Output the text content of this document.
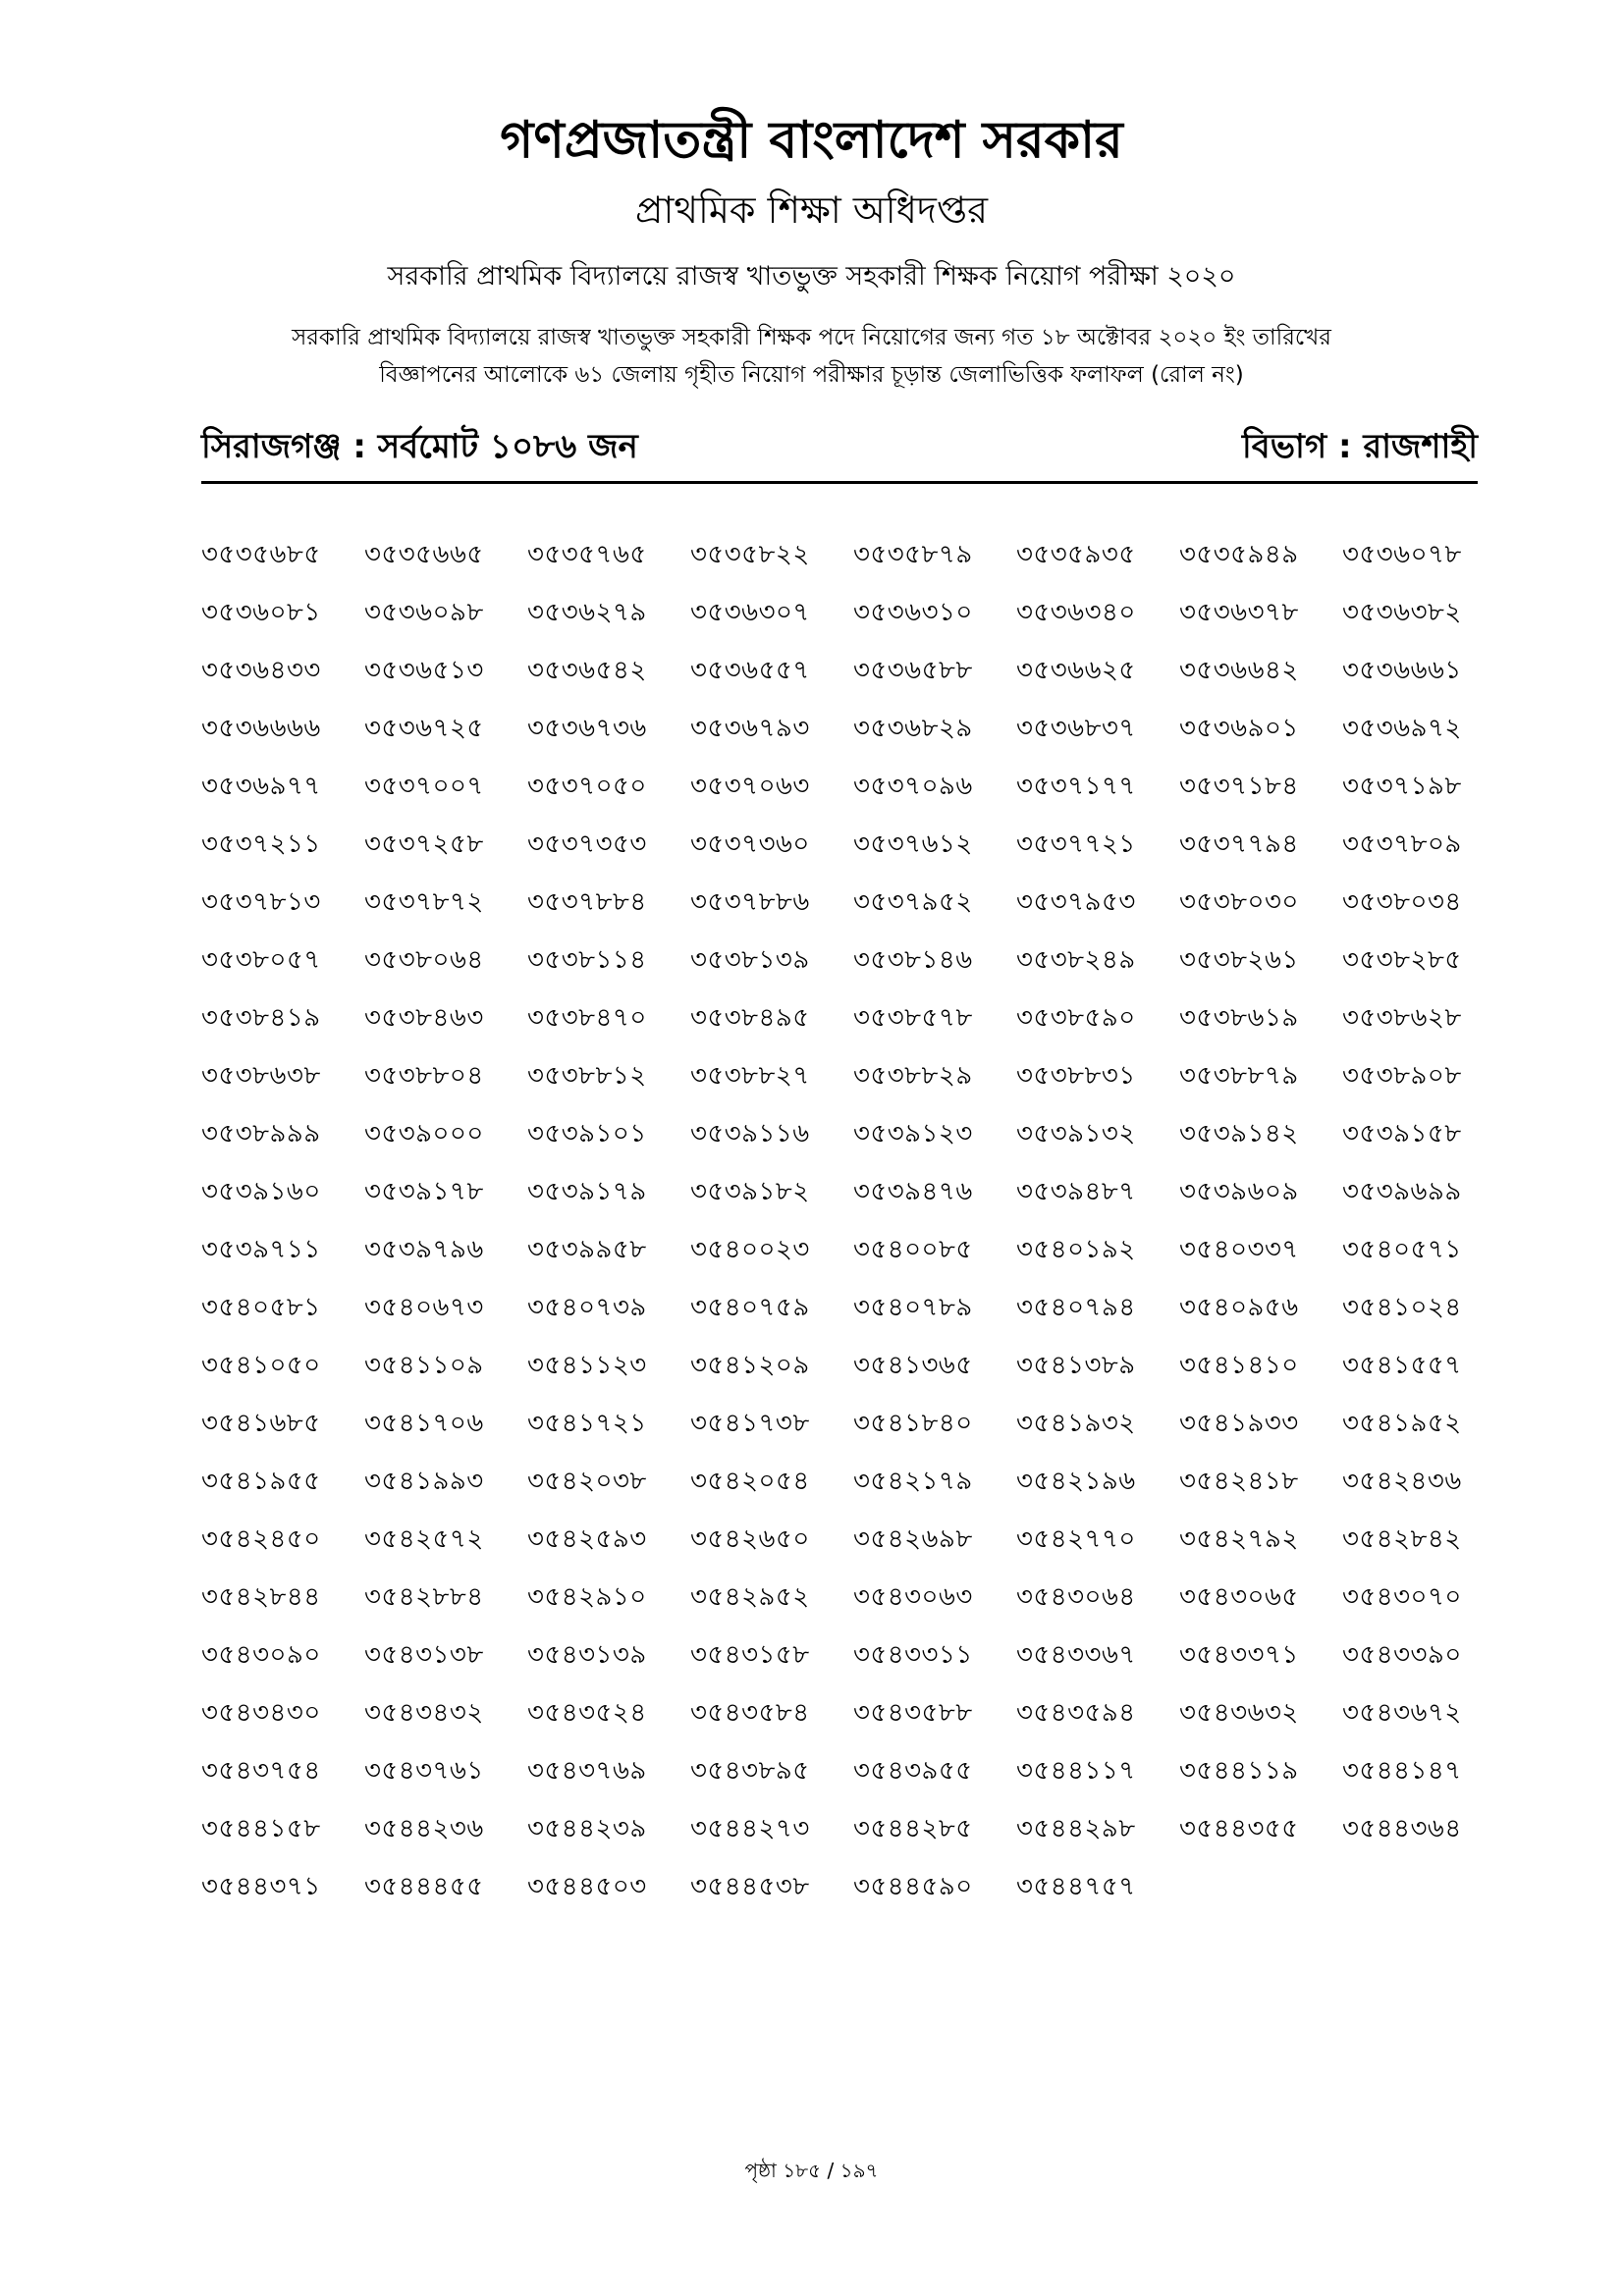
গণপ্রজাতন্ত্রী বাংলাদেশ সরকার
প্রাথমিক শিক্ষা অধিদপ্তর
সরকারি প্রাথমিক বিদ্যালয়ে রাজস্ব খাতভুক্ত সহকারী শিক্ষক নিয়োগ পরীক্ষা ২০২০
সরকারি প্রাথমিক বিদ্যালয়ে রাজস্ব খাতভুক্ত সহকারী শিক্ষক পদে নিয়োগের জন্য গত ১৮ অক্টোবর ২০২০ ইং তারিখের
বিজ্ঞাপনের আলোকে ৬১ জেলায় গৃহীত নিয়োগ পরীক্ষার চূড়ান্ত জেলাভিত্তিক ফলাফল (রোল নং)
সিরাজগঞ্জ : সর্বমোট ১০৮৬ জন	বিভাগ : রাজশাহী
৩৫৩৫৬৮৫	৩৫৩৫৬৬৫	৩৫৩৫৭৬৫	৩৫৩৫৮২২	৩৫৩৫৮৭৯	৩৫৩৫৯৩৫	৩৫৩৫৯৪৯	৩৫৩৬০৭৮
৩৫৩৬০৮১	৩৫৩৬০৯৮	৩৫৩৬২৭৯	৩৫৩৬৩০৭	৩৫৩৬৩১০	৩৫৩৬৩৪০	৩৫৩৬৩৭৮	৩৫৩৬৩৮২
৩৫৩৬৪৩৩	৩৫৩৬৫১৩	৩৫৩৬৫৪২	৩৫৩৬৫৫৭	৩৫৩৬৫৮৮	৩৫৩৬৬২৫	৩৫৩৬৬৪২	৩৫৩৬৬৬১
৩৫৩৬৬৬৬	৩৫৩৬৭২৫	৩৫৩৬৭৩৬	৩৫৩৬৭৯৩	৩৫৩৬৮২৯	৩৫৩৬৮৩৭	৩৫৩৬৯০১	৩৫৩৬৯৭২
৩৫৩৬৯৭৭	৩৫৩৭০০৭	৩৫৩৭০৫০	৩৫৩৭০৬৩	৩৫৩৭০৯৬	৩৫৩৭১৭৭	৩৫৩৭১৮৪	৩৫৩৭১৯৮
৩৫৩৭২১১	৩৫৩৭২৫৮	৩৫৩৭৩৫৩	৩৫৩৭৩৬০	৩৫৩৭৬১২	৩৫৩৭৭২১	৩৫৩৭৭৯৪	৩৫৩৭৮০৯
৩৫৩৭৮১৩	৩৫৩৭৮৭২	৩৫৩৭৮৮৪	৩৫৩৭৮৮৬	৩৫৩৭৯৫২	৩৫৩৭৯৫৩	৩৫৩৮০৩০	৩৫৩৮০৩৪
৩৫৩৮০৫৭	৩৫৩৮০৬৪	৩৫৩৮১১৪	৩৫৩৮১৩৯	৩৫৩৮১৪৬	৩৫৩৮২৪৯	৩৫৩৮২৬১	৩৫৩৮২৮৫
৩৫৩৮৪১৯	৩৫৩৮৪৬৩	৩৫৩৮৪৭০	৩৫৩৮৪৯৫	৩৫৩৮৫৭৮	৩৫৩৮৫৯০	৩৫৩৮৬১৯	৩৫৩৮৬২৮
৩৫৩৮৬৩৮	৩৫৩৮৮০৪	৩৫৩৮৮১২	৩৫৩৮৮২৭	৩৫৩৮৮২৯	৩৫৩৮৮৩১	৩৫৩৮৮৭৯	৩৫৩৮৯০৮
৩৫৩৮৯৯৯	৩৫৩৯০০০	৩৫৩৯১০১	৩৫৩৯১১৬	৩৫৩৯১২৩	৩৫৩৯১৩২	৩৫৩৯১৪২	৩৫৩৯১৫৮
৩৫৩৯১৬০	৩৫৩৯১৭৮	৩৫৩৯১৭৯	৩৫৩৯১৮২	৩৫৩৯৪৭৬	৩৫৩৯৪৮৭	৩৫৩৯৬০৯	৩৫৩৯৬৯৯
৩৫৩৯৭১১	৩৫৩৯৭৯৬	৩৫৩৯৯৫৮	৩৫৪০০২৩	৩৫৪০০৮৫	৩৫৪০১৯২	৩৫৪০৩৩৭	৩৫৪০৫৭১
৩৫৪০৫৮১	৩৫৪০৬৭৩	৩৫৪০৭৩৯	৩৫৪০৭৫৯	৩৫৪০৭৮৯	৩৫৪০৭৯৪	৩৫৪০৯৫৬	৩৫৪১০২৪
৩৫৪১০৫০	৩৫৪১১০৯	৩৫৪১১২৩	৩৫৪১২০৯	৩৫৪১৩৬৫	৩৫৪১৩৮৯	৩৫৪১৪১০	৩৫৪১৫৫৭
৩৫৪১৬৮৫	৩৫৪১৭০৬	৩৫৪১৭২১	৩৫৪১৭৩৮	৩৫৪১৮৪০	৩৫৪১৯৩২	৩৫৪১৯৩৩	৩৫৪১৯৫২
৩৫৪১৯৫৫	৩৫৪১৯৯৩	৩৫৪২০৩৮	৩৫৪২০৫৪	৩৫৪২১৭৯	৩৫৪২১৯৬	৩৫৪২৪১৮	৩৫৪২৪৩৬
৩৫৪২৪৫০	৩৫৪২৫৭২	৩৫৪২৫৯৩	৩৫৪২৬৫০	৩৫৪২৬৯৮	৩৫৪২৭৭০	৩৫৪২৭৯২	৩৫৪২৮৪২
৩৫৪২৮৪৪	৩৫৪২৮৮৪	৩৫৪২৯১০	৩৫৪২৯৫২	৩৫৪৩০৬৩	৩৫৪৩০৬৪	৩৫৪৩০৬৫	৩৫৪৩০৭০
৩৫৪৩০৯০	৩৫৪৩১৩৮	৩৫৪৩১৩৯	৩৫৪৩১৫৮	৩৫৪৩৩১১	৩৫৪৩৩৬৭	৩৫৪৩৩৭১	৩৫৪৩৩৯০
৩৫৪৩৪৩০	৩৫৪৩৪৩২	৩৫৪৩৫২৪	৩৫৪৩৫৮৪	৩৫৪৩৫৮৮	৩৫৪৩৫৯৪	৩৫৪৩৬৩২	৩৫৪৩৬৭২
৩৫৪৩৭৫৪	৩৫৪৩৭৬১	৩৫৪৩৭৬৯	৩৫৪৩৮৯৫	৩৫৪৩৯৫৫	৩৫৪৪১১৭	৩৫৪৪১১৯	৩৫৪৪১৪৭
৩৫৪৪১৫৮	৩৫৪৪২৩৬	৩৫৪৪২৩৯	৩৫৪৪২৭৩	৩৫৪৪২৮৫	৩৫৪৪২৯৮	৩৫৪৪৩৫৫	৩৫৪৪৩৬৪
৩৫৪৪৩৭১	৩৫৪৪৪৫৫	৩৫৪৪৫০৩	৩৫৪৪৫৩৮	৩৫৪৪৫৯০	৩৫৪৪৭৫৭
পৃষ্ঠা ১৮৫ / ১৯৭
